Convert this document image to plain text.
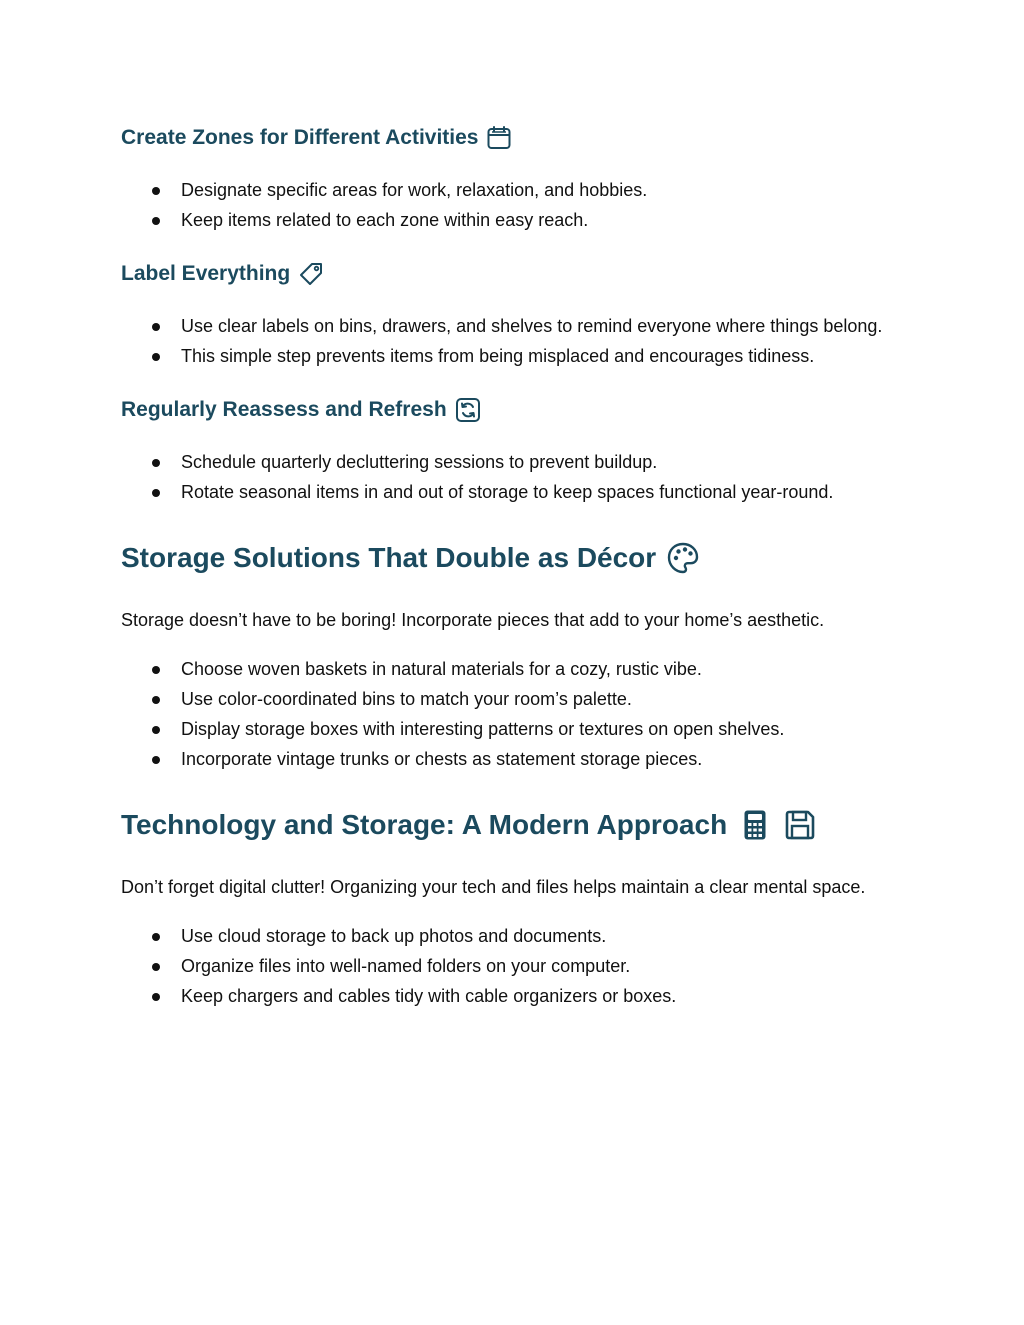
Create Zones for Different Activities
Designate specific areas for work, relaxation, and hobbies.
Keep items related to each zone within easy reach.
Label Everything
Use clear labels on bins, drawers, and shelves to remind everyone where things belong.
This simple step prevents items from being misplaced and encourages tidiness.
Regularly Reassess and Refresh
Schedule quarterly decluttering sessions to prevent buildup.
Rotate seasonal items in and out of storage to keep spaces functional year-round.
Storage Solutions That Double as Décor

Storage doesn’t have to be boring! Incorporate pieces that add to your home’s aesthetic.

Choose woven baskets in natural materials for a cozy, rustic vibe.
Use color-coordinated bins to match your room’s palette.
Display storage boxes with interesting patterns or textures on open shelves.
Incorporate vintage trunks or chests as statement storage pieces.
Technology and Storage: A Modern Approach

Don’t forget digital clutter! Organizing your tech and files helps maintain a clear mental space.

Use cloud storage to back up photos and documents.
Organize files into well-named folders on your computer.
Keep chargers and cables tidy with cable organizers or boxes.
